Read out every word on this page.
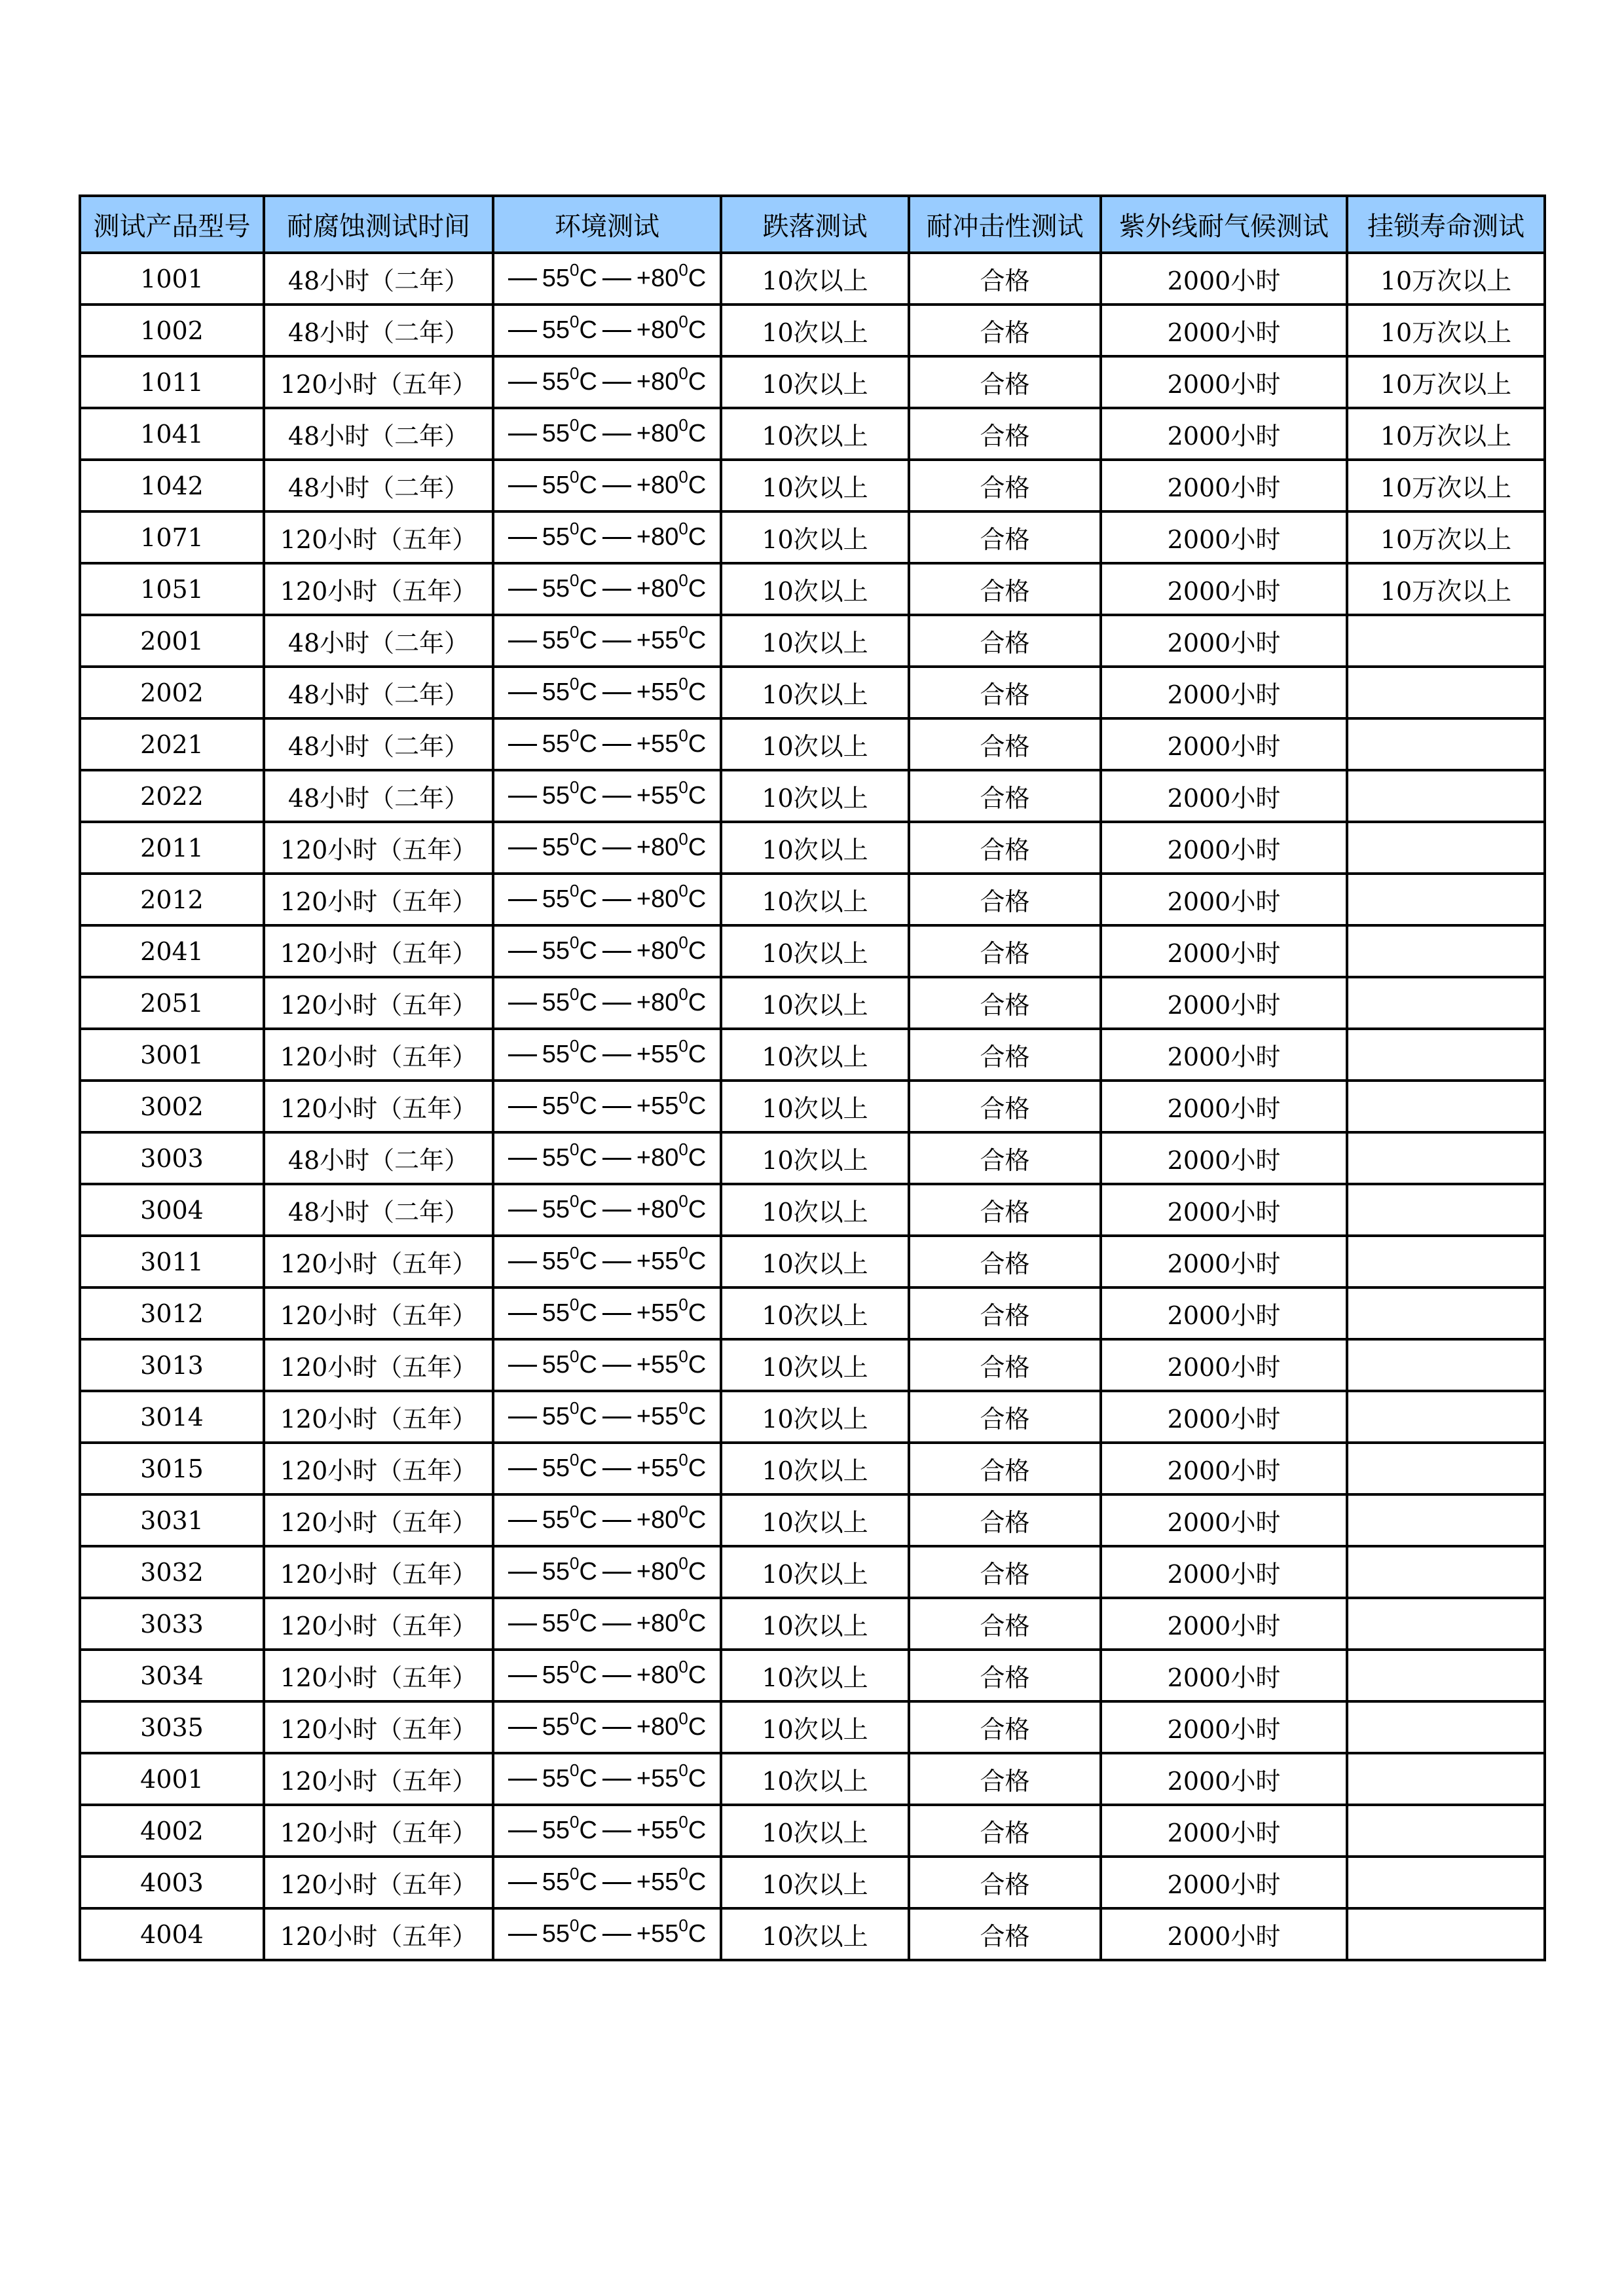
测试产品型号	耐腐蚀测试时间	环境测试	跌落测试	耐冲击性测试	紫外线耐气候测试	挂锁寿命测试
1001	48小时（二年）	$55^0C +80^0C$	10次以上	合格	2000小时	10万次以上
1002	48小时（二年）	$55^0C +80^0C$	10次以上	合格	2000小时	10万次以上
1011	120小时（五年）	$55^0C +80^0C$	10次以上	合格	2000小时	10万次以上
1041	48小时（二年）	$55^0C +80^0C$	10次以上	合格	2000小时	10万次以上
1042	48小时（二年）	$55^0C +80^0C$	10次以上	合格	2000小时	10万次以上
1071	120小时（五年）	$55^0C +80^0C$	10次以上	合格	2000小时	10万次以上
1051	120小时（五年）	$55^0C +80^0C$	10次以上	合格	2000小时	10万次以上
2001	48小时（二年）	$55^0C +55^0C$	10次以上	合格	2000小时	
2002	48小时（二年）	$55^0C +55^0C$	10次以上	合格	2000小时	
2021	48小时（二年）	$55^0C +55^0C$	10次以上	合格	2000小时	
2022	48小时（二年）	$55^0C +55^0C$	10次以上	合格	2000小时	
2011	120小时（五年）	$55^0C +80^0C$	10次以上	合格	2000小时	
2012	120小时（五年）	$55^0C +80^0C$	10次以上	合格	2000小时	
2041	120小时（五年）	$55^0C +80^0C$	10次以上	合格	2000小时	
2051	120小时（五年）	$55^0C +80^0C$	10次以上	合格	2000小时	
3001	120小时（五年）	$55^0C +55^0C$	10次以上	合格	2000小时	
3002	120小时（五年）	$55^0C +55^0C$	10次以上	合格	2000小时	
3003	48小时（二年）	$55^0C +80^0C$	10次以上	合格	2000小时	
3004	48小时（二年）	$55^0C +80^0C$	10次以上	合格	2000小时	
3011	120小时（五年）	$55^0C +55^0C$	10次以上	合格	2000小时	
3012	120小时（五年）	$55^0C +55^0C$	10次以上	合格	2000小时	
3013	120小时（五年）	$55^0C +55^0C$	10次以上	合格	2000小时	
3014	120小时（五年）	$55^0C +55^0C$	10次以上	合格	2000小时	
3015	120小时（五年）	$55^0C +55^0C$	10次以上	合格	2000小时	
3031	120小时（五年）	$55^0C +80^0C$	10次以上	合格	2000小时	
3032	120小时（五年）	$55^0C +80^0C$	10次以上	合格	2000小时	
3033	120小时（五年）	$55^0C +80^0C$	10次以上	合格	2000小时	
3034	120小时（五年）	$55^0C +80^0C$	10次以上	合格	2000小时	
3035	120小时（五年）	$55^0C +80^0C$	10次以上	合格	2000小时	
4001	120小时（五年）	$55^0C +55^0C$	10次以上	合格	2000小时	
4002	120小时（五年）	$55^0C +55^0C$	10次以上	合格	2000小时	
4003	120小时（五年）	$55^0C +55^0C$	10次以上	合格	2000小时	
4004	120小时（五年）	$55^0C +55^0C$	10次以上	合格	2000小时	
